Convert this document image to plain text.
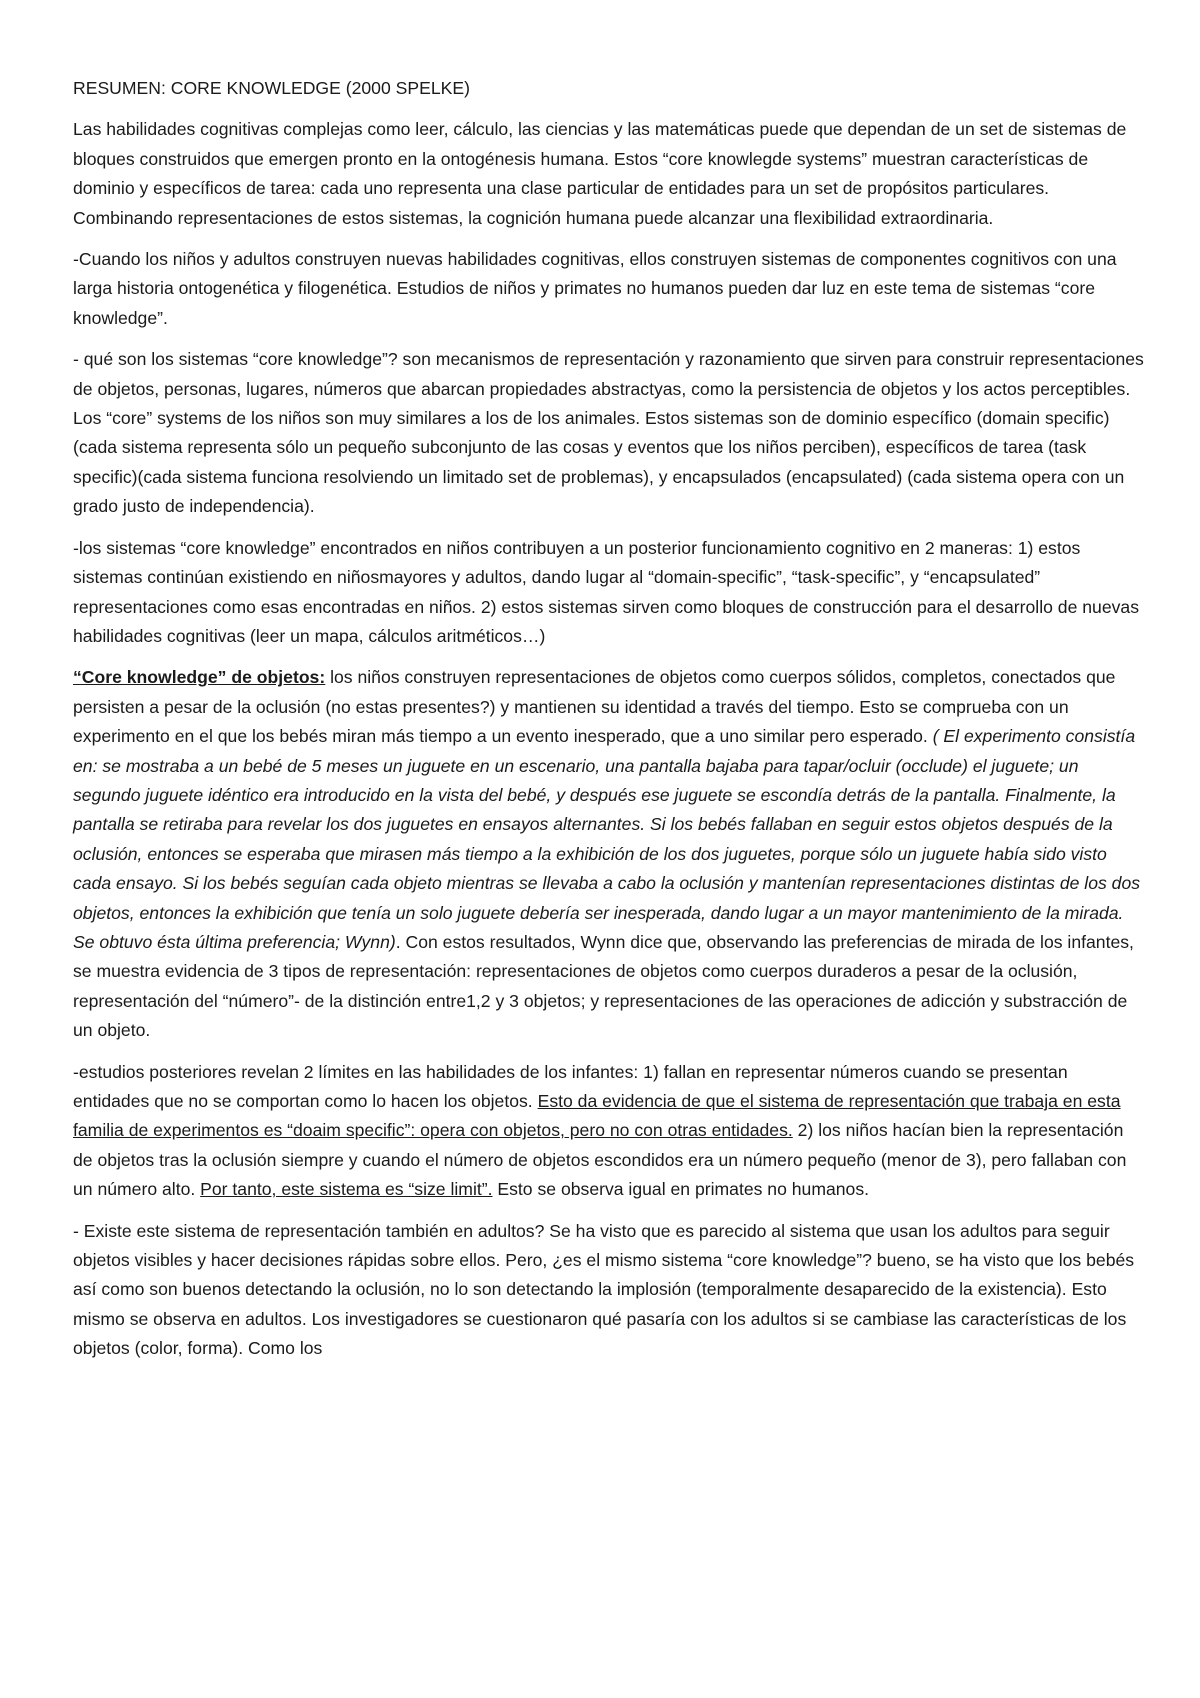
RESUMEN: CORE KNOWLEDGE (2000 SPELKE)

Las habilidades cognitivas complejas como leer, cálculo, las ciencias y las matemáticas puede que dependan de un set de sistemas de bloques construidos que emergen pronto en la ontogénesis humana. Estos “core knowlegde systems” muestran características de dominio y específicos de tarea: cada uno representa una clase particular de entidades para un set de propósitos particulares. Combinando representaciones de estos sistemas, la cognición humana puede alcanzar una flexibilidad extraordinaria.

-Cuando los niños y adultos construyen nuevas habilidades cognitivas, ellos construyen sistemas de componentes cognitivos con una larga historia ontogenética y filogenética. Estudios de niños y primates no humanos pueden dar luz en este tema de sistemas “core knowledge”.

- qué son los sistemas “core knowledge”? son mecanismos de representación y razonamiento que sirven para construir representaciones de objetos, personas, lugares, números que abarcan propiedades abstractyas, como la persistencia de objetos y los actos perceptibles. Los “core” systems de los niños son muy similares a los de los animales. Estos sistemas son de dominio específico (domain specific)(cada sistema representa sólo un pequeño subconjunto de las cosas y eventos que los niños perciben), específicos de tarea (task specific)(cada sistema funciona resolviendo un limitado set de problemas), y encapsulados (encapsulated) (cada sistema opera con un grado justo de independencia).

-los sistemas “core knowledge” encontrados en niños contribuyen a un posterior funcionamiento cognitivo en 2 maneras: 1) estos sistemas continúan existiendo en niñosmayores y adultos, dando lugar al “domain-specific”, “task-specific”, y “encapsulated” representaciones como esas encontradas en niños. 2) estos sistemas sirven como bloques de construcción para el desarrollo de nuevas habilidades cognitivas (leer un mapa, cálculos aritméticos…)

“Core knowledge” de objetos: los niños construyen representaciones de objetos como cuerpos sólidos, completos, conectados que persisten a pesar de la oclusión (no estas presentes?) y mantienen su identidad a través del tiempo. Esto se comprueba con un experimento en el que los bebés miran más tiempo a un evento inesperado, que a uno similar pero esperado. ( El experimento consistía en: se mostraba a un bebé de 5 meses un juguete en un escenario, una pantalla bajaba para tapar/ocluir (occlude) el juguete; un segundo juguete idéntico era introducido en la vista del bebé, y después ese juguete se escondía detrás de la pantalla. Finalmente, la pantalla se retiraba para revelar los dos juguetes en ensayos alternantes. Si los bebés fallaban en seguir estos objetos después de la oclusión, entonces se esperaba que mirasen más tiempo a la exhibición de los dos juguetes, porque sólo un juguete había sido visto cada ensayo. Si los bebés seguían cada objeto mientras se llevaba a cabo la oclusión y mantenían representaciones distintas de los dos objetos, entonces la exhibición que tenía un solo juguete debería ser inesperada, dando lugar a un mayor mantenimiento de la mirada. Se obtuvo ésta última preferencia; Wynn). Con estos resultados, Wynn dice que, observando las preferencias de mirada de los infantes, se muestra evidencia de 3 tipos de representación: representaciones de objetos como cuerpos duraderos a pesar de la oclusión, representación del “número”- de la distinción entre1,2 y 3 objetos; y representaciones de las operaciones de adicción y substracción de un objeto.

-estudios posteriores revelan 2 límites en las habilidades de los infantes: 1) fallan en representar números cuando se presentan entidades que no se comportan como lo hacen los objetos. Esto da evidencia de que el sistema de representación que trabaja en esta familia de experimentos es “doaim specific”: opera con objetos, pero no con otras entidades. 2) los niños hacían bien la representación de objetos tras la oclusión siempre y cuando el número de objetos escondidos era un número pequeño (menor de 3), pero fallaban con un número alto. Por tanto, este sistema es “size limit”. Esto se observa igual en primates no humanos.

- Existe este sistema de representación también en adultos? Se ha visto que es parecido al sistema que usan los adultos para seguir objetos visibles y hacer decisiones rápidas sobre ellos. Pero, ¿es el mismo sistema “core knowledge”? bueno, se ha visto que los bebés así como son buenos detectando la oclusión, no lo son detectando la implosión (temporalmente desaparecido de la existencia). Esto mismo se observa en adultos. Los investigadores se cuestionaron qué pasaría con los adultos si se cambiase las características de los objetos (color, forma). Como los
